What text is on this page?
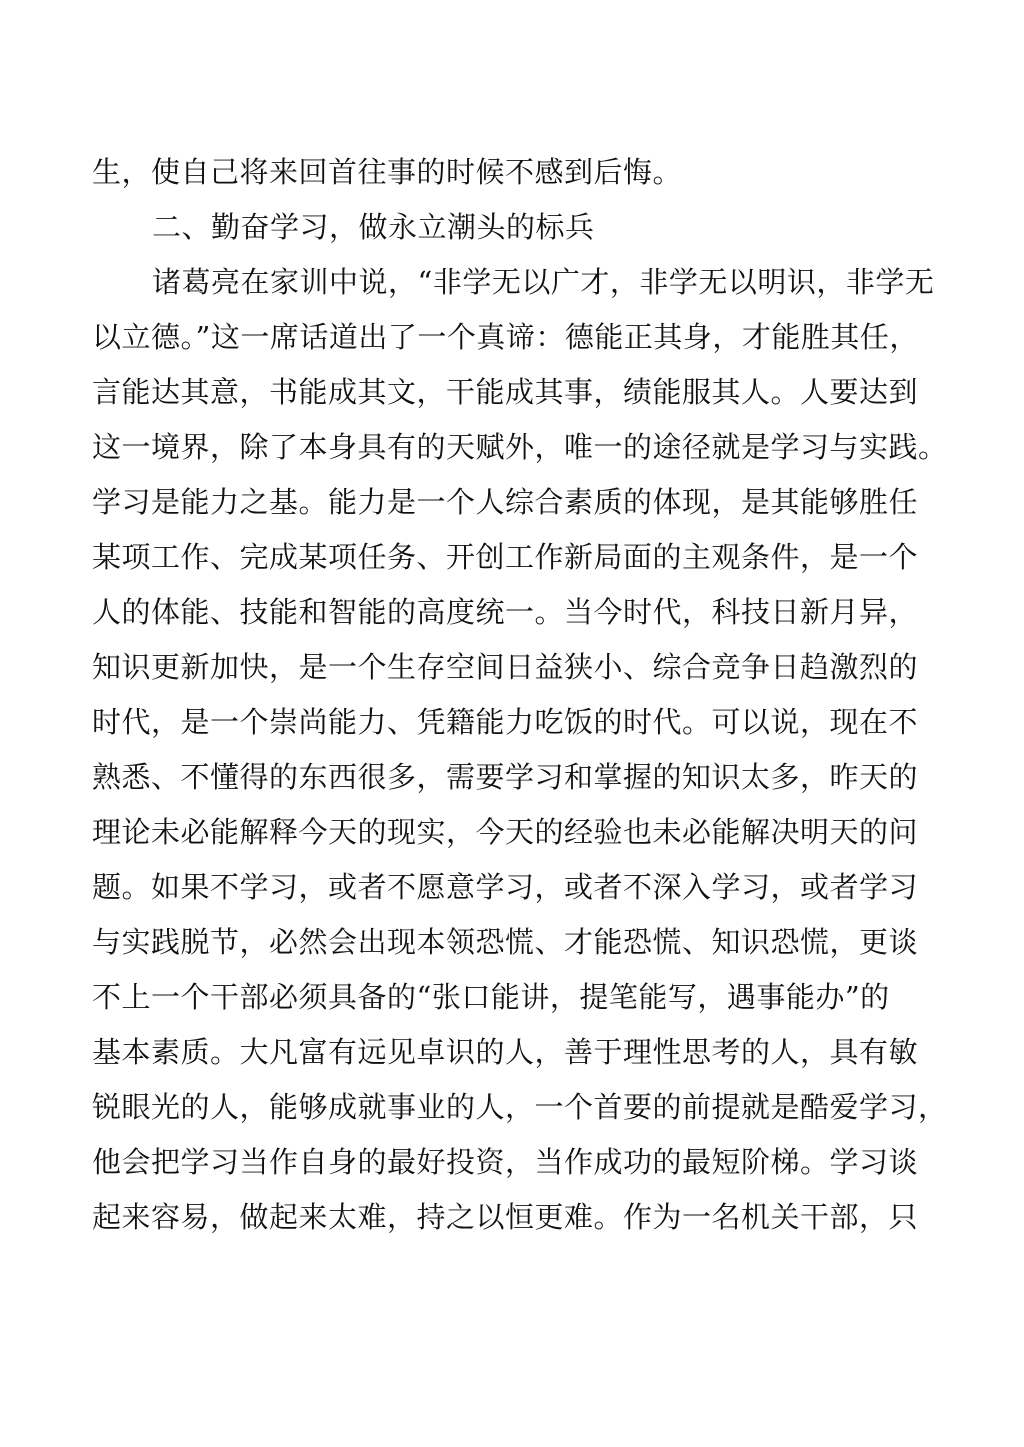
生，使自己将来回首往事的时候不感到后悔。
二、勤奋学习，做永立潮头的标兵
诸葛亮在家训中说，“非学无以广才，非学无以明识，非学无
以立德。”这一席话道出了一个真谛：德能正其身，才能胜其任，
言能达其意，书能成其文，干能成其事，绩能服其人。人要达到
这一境界，除了本身具有的天赋外，唯一的途径就是学习与实践。
学习是能力之基。能力是一个人综合素质的体现，是其能够胜任
某项工作、完成某项任务、开创工作新局面的主观条件，是一个
人的体能、技能和智能的高度统一。当今时代，科技日新月异，
知识更新加快，是一个生存空间日益狭小、综合竞争日趋激烈的
时代，是一个崇尚能力、凭籍能力吃饭的时代。可以说，现在不
熟悉、不懂得的东西很多，需要学习和掌握的知识太多，昨天的
理论未必能解释今天的现实，今天的经验也未必能解决明天的问
题。如果不学习，或者不愿意学习，或者不深入学习，或者学习
与实践脱节，必然会出现本领恐慌、才能恐慌、知识恐慌，更谈
不上一个干部必须具备的“张口能讲，提笔能写，遇事能办”的
基本素质。大凡富有远见卓识的人，善于理性思考的人，具有敏
锐眼光的人，能够成就事业的人，一个首要的前提就是酷爱学习，
他会把学习当作自身的最好投资，当作成功的最短阶梯。学习谈
起来容易，做起来太难，持之以恒更难。作为一名机关干部，只
